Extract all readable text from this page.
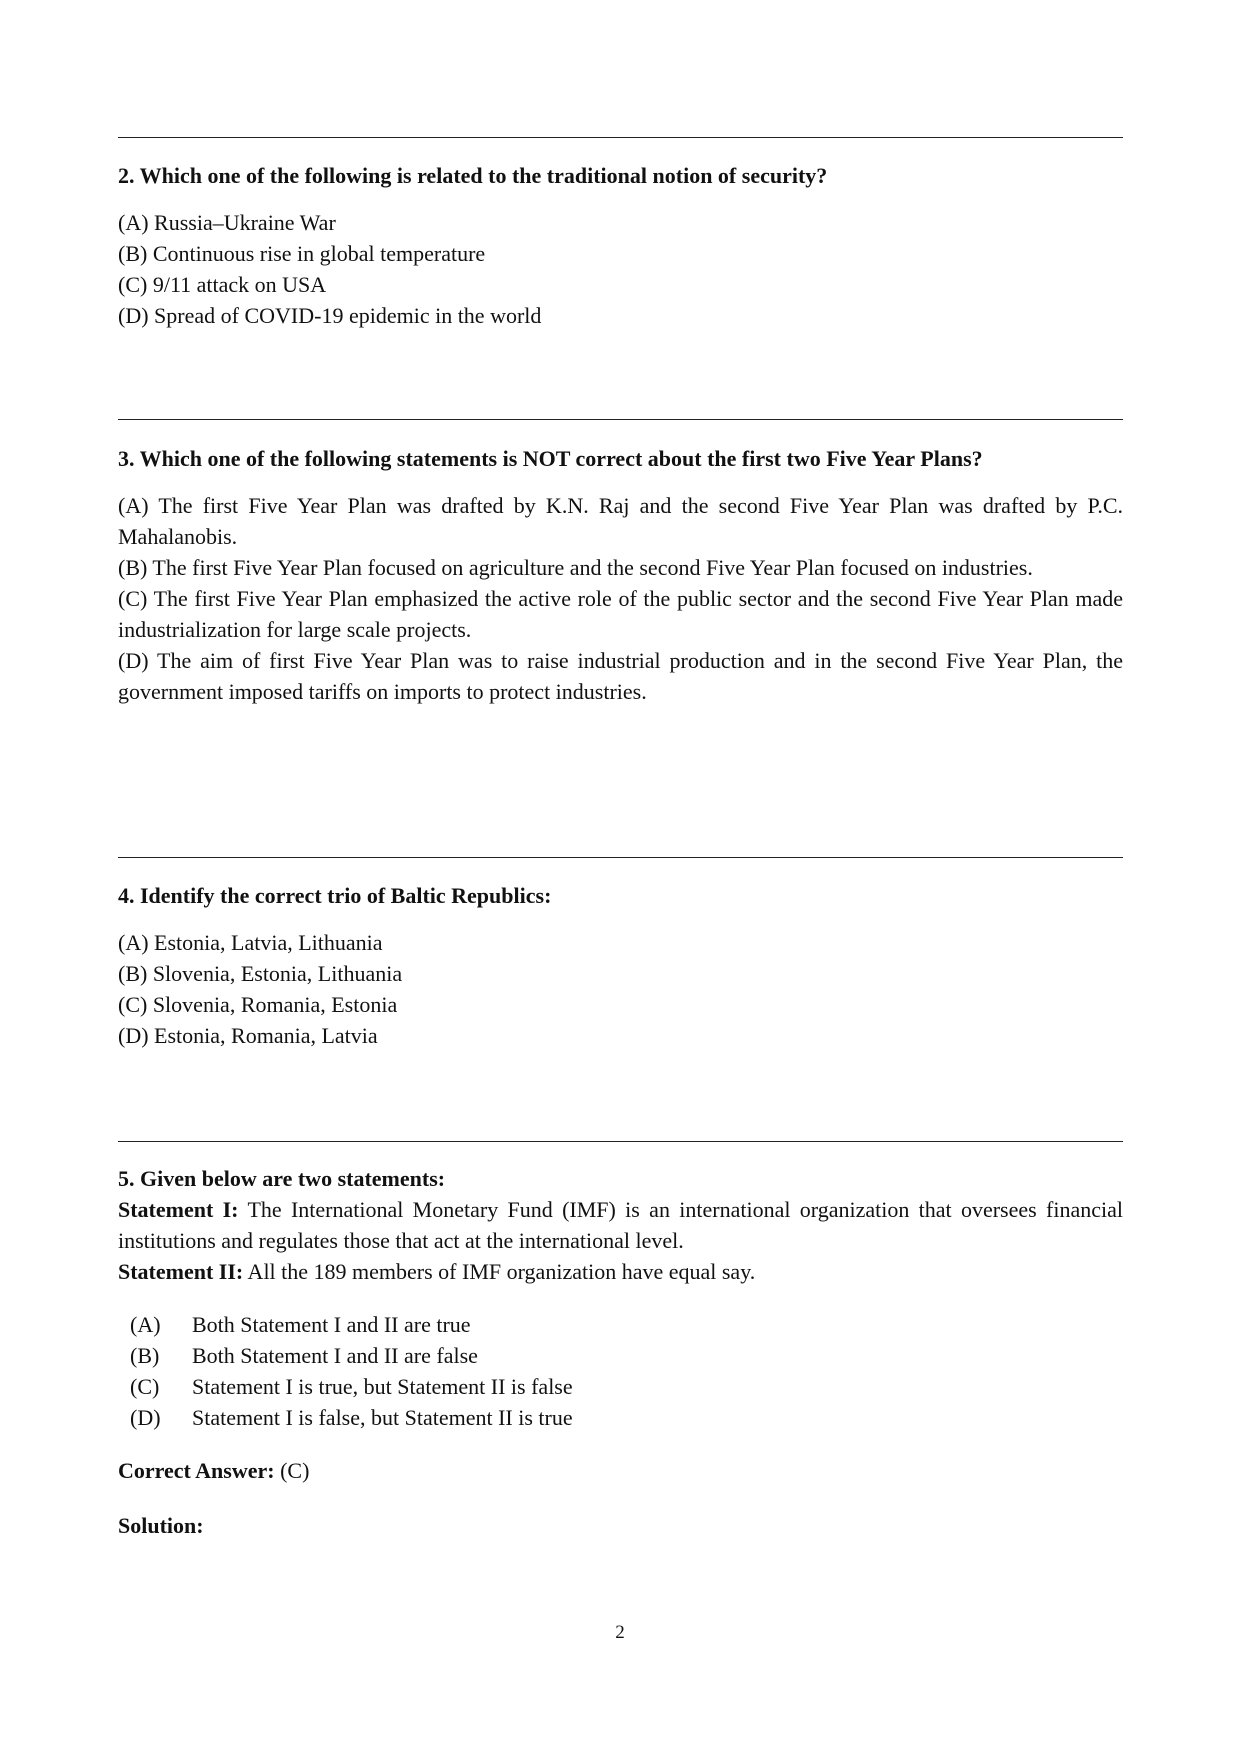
2. Which one of the following is related to the traditional notion of security?
(A) Russia–Ukraine War
(B) Continuous rise in global temperature
(C) 9/11 attack on USA
(D) Spread of COVID-19 epidemic in the world
3. Which one of the following statements is NOT correct about the first two Five Year Plans?
(A) The first Five Year Plan was drafted by K.N. Raj and the second Five Year Plan was drafted by P.C. Mahalanobis.
(B) The first Five Year Plan focused on agriculture and the second Five Year Plan focused on industries.
(C) The first Five Year Plan emphasized the active role of the public sector and the second Five Year Plan made industrialization for large scale projects.
(D) The aim of first Five Year Plan was to raise industrial production and in the second Five Year Plan, the government imposed tariffs on imports to protect industries.
4. Identify the correct trio of Baltic Republics:
(A) Estonia, Latvia, Lithuania
(B) Slovenia, Estonia, Lithuania
(C) Slovenia, Romania, Estonia
(D) Estonia, Romania, Latvia
5. Given below are two statements:
Statement I: The International Monetary Fund (IMF) is an international organization that oversees financial institutions and regulates those that act at the international level.
Statement II: All the 189 members of IMF organization have equal say.
(A)	Both Statement I and II are true
(B)	Both Statement I and II are false
(C)	Statement I is true, but Statement II is false
(D)	Statement I is false, but Statement II is true
Correct Answer: (C)
Solution:
2
